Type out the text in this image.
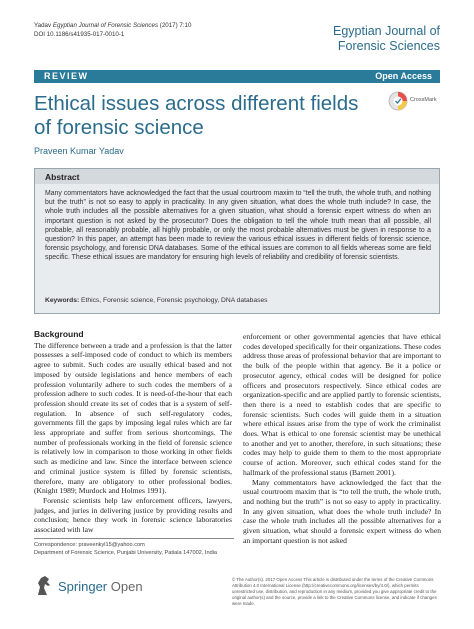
Yadav Egyptian Journal of Forensic Sciences (2017) 7:10
DOI 10.1186/s41935-017-0010-1	Egyptian Journal of
Forensic Sciences
REVIEW	Open Access
Ethical issues across different fields of forensic science
CrossMark
Praveen Kumar Yadav
Abstract
Many commentators have acknowledged the fact that the usual courtroom maxim to “tell the truth, the whole truth, and nothing but the truth” is not so easy to apply in practicality. In any given situation, what does the whole truth include? In case, the whole truth includes all the possible alternatives for a given situation, what should a forensic expert witness do when an important question is not asked by the prosecutor? Does the obligation to tell the whole truth mean that all possible, all probable, all reasonably probable, all highly probable, or only the most probable alternatives must be given in response to a question? In this paper, an attempt has been made to review the various ethical issues in different fields of forensic science, forensic psychology, and forensic DNA databases. Some of the ethical issues are common to all fields whereas some are field specific. These ethical issues are mandatory for ensuring high levels of reliability and credibility of forensic scientists.
Keywords: Ethics, Forensic science, Forensic psychology, DNA databases
Background

The difference between a trade and a profession is that the latter possesses a self-imposed code of conduct to which its members agree to submit. Such codes are usually ethical based and not imposed by outside legislations and hence members of each profession voluntarily adhere to such codes the members of a profession adhere to such codes. It is need-of-the-hour that each profession should create its set of codes that is a system of self-regulation. In absence of such self-regulatory codes, governments fill the gaps by imposing legal rules which are far less appropriate and suffer from serious shortcomings. The number of professionals working in the field of forensic science is relatively low in comparison to those working in other fields such as medicine and law. Since the interface between science and criminal justice system is filled by forensic scientists, therefore, many are obligatory to other professional bodies. (Knight 1989; Murdock and Holmes 1991).

Forensic scientists help law enforcement officers, lawyers, judges, and juries in delivering justice by providing results and conclusion; hence they work in forensic science laboratories associated with law

enforcement or other governmental agencies that have ethical codes developed specifically for their organizations. These codes address those areas of professional behavior that are important to the bulk of the people within that agency. Be it a police or prosecutor agency, ethical codes will be designed for police officers and prosecutors respectively. Since ethical codes are organization-specific and are applied partly to forensic scientists, then there is a need to establish codes that are specific to forensic scientists. Such codes will guide them in a situation where ethical issues arise from the type of work the criminalist does. What is ethical to one forensic scientist may be unethical to another and yet to another, therefore, in such situations; these codes may help to guide them to them to the most appropriate course of action. Moreover, such ethical codes stand for the hallmark of the professional status (Barnett 2001).

Many commentators have acknowledged the fact that the usual courtroom maxim that is “to tell the truth, the whole truth, and nothing but the truth” is not so easy to apply in practicality. In any given situation, what does the whole truth include? In case the whole truth includes all the possible alternatives for a given situation, what should a forensic expert witness do when an important question is not asked

Correspondence: praveenkyl15@yahoo.com
Department of Forensic Science, Punjabi University, Patiala 147002, India
Springer Open	© The Author(s). 2017 Open Access This article is distributed under the terms of the Creative Commons Attribution 4.0 International License (http://creativecommons.org/licenses/by/4.0/), which permits unrestricted use, distribution, and reproduction in any medium, provided you give appropriate credit to the original author(s) and the source, provide a link to the Creative Commons license, and indicate if changes were made.
